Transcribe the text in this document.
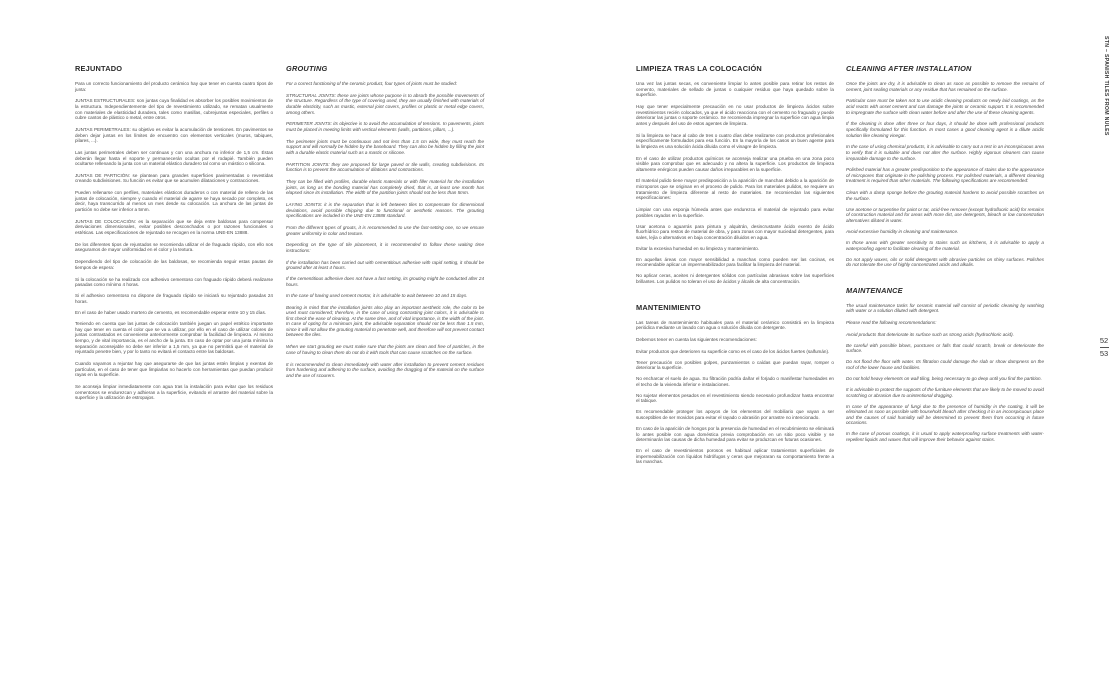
STN – SPANISH TILES FROM NULES
52
53
REJUNTADO

Para un correcto funcionamiento del producto cerámico hay que tener en cuenta cuatro tipos de junta:

JUNTAS ESTRUCTURALES: son juntas cuya finalidad es absorber los posibles movimientos de la estructura. Independientemente del tipo de revestimiento utilizado, se rematan usualmente con materiales de elasticidad duradera, tales como masillas, cubrejuntas especiales, perfiles o cubre cantos de plástico o metal, entre otros.

JUNTAS PERIMETRALES: su objetivo es evitar la acumulación de tensiones. En pavimentos se deben dejar juntas en los límites de encuentro con elementos verticales (muros, tabiques, pilares, ...).

Las juntas perimetrales deben ser continuas y con una anchura no inferior de 1,5 cm. Éstas deberán llegar hasta el soporte y permanecerán ocultas por el rodapié. También pueden ocultarse rellenando la junta con un material elástico duradero tal como un mástico o silicona.

JUNTAS DE PARTICIÓN: se plantean para grandes superficies pavimentadas o revestidas creando subdivisiones. Su función es evitar que se acumulen dilataciones y contracciones.

Pueden rellenarse con perfiles, materiales elásticos duraderos o con material de relleno de las juntas de colocación, siempre y cuando el material de agarre se haya secado por completo, es decir, haya transcurrido al menos un mes desde su colocación. La anchura de las juntas de partición no debe ser inferior a 5mm.

JUNTAS DE COLOCACIÓN: es la separación que se deja entre baldosas para compensar desviaciones dimensionales, evitar posibles desconchados o por razones funcionales o estéticas. Las especificaciones de rejuntado se recogen en la norma UNE-EN 13888.

De los diferentes tipos de rejuntados se recomienda utilizar el de fraguado rápido, con ello nos aseguramos de mayor uniformidad en el color y la textura.

Dependiendo del tipo de colocación de las baldosas, se recomienda seguir estas pautas de tiempos de espera:

Si la colocación se ha realizado con adhesivo cementoso con fraguado rápido deberá realizarse pasadas como mínimo 4 horas.
Si el adhesivo cementoso no dispone de fraguado rápido se iniciará su rejuntado pasadas 24 horas.
En el caso de haber usado mortero de cemento, es recomendable esperar entre 10 y 15 días.

Teniendo en cuenta que las juntas de colocación también juegan un papel estético importante hay que tener en cuenta el color que se va a utilizar, por ello en el caso de utilizar colores de juntas contrastados es conveniente anteriormente comprobar la facilidad de limpieza. Al mismo tiempo, y de vital importancia, es el ancho de la junta. En caso de optar por una junta mínima la separación aconsejable no debe ser inferior a 1,5 mm, ya que no permitirá que el material de rejuntado penetre bien, y por lo tanto no evitará el contacto entre las baldosas.

Cuando vayamos a rejuntar hay que asegurarse de que las juntas estén limpias y exentas de partículas, en el caso de tener que limpiarlas no hacerlo con herramientas que puedan producir rayas en la superficie.

Se aconseja limpiar inmediatamente con agua tras la instalación para evitar que los residuos cementosos se endurezcan y adhieran a la superficie, evitando el arrastre del material sobre la superficie y la utilización de estropajos.

GROUTING

For a correct functioning of the ceramic product, four types of joints must be studied:

STRUCTURAL JOINTS: these are joints whose purpose is to absorb the possible movements of the structure. Regardless of the type of covering used, they are usually finished with materials of durable elasticity, such as mastic, external joint covers, profiles or plastic or metal edge covers, among others.

PERIMETER JOINTS: its objective is to avoid the accumulation of tensions. In pavements, joints must be placed in meeting limits with vertical elements (walls, partitions, pillars, ...).

The perimeter joints must be continuous and not less than 1.5 cm wide, they must reach the support and will normally be hidden by the baseboard. They can also be hidden by filling the joint with a durable elastic material such as a mastic or silicone.

PARTITION JOINTS: they are proposed for large paved or tile walls, creating subdivisions. Its function is to prevent the accumulation of dilations and contractions.

They can be filled with profiles, durable elastic materials or with filler material for the installation joints, as long as the bonding material has completely dried, that is, at least one month has elapsed since its installation. The width of the partition joints should not be less than 5mm.

LAYING JOINTS: it is the separation that is left between tiles to compensate for dimensional deviations, avoid possible chipping due to functional or aesthetic reasons. The grouting specifications are included in the UNE-EN 13888 standard.

From the different types of grouts, it is recommended to use the fast-setting one, so we ensure greater uniformity in color and texture.

Depending on the type of tile placement, it is recommended to follow these waiting time instructions:

If the installation has been carried out with cementitious adhesive with rapid setting, it should be grouted after at least 4 hours.
If the cementitious adhesive does not have a fast setting, its grouting might be conducted after 24 hours.
In the case of having used cement mortar, it is advisable to wait between 10 and 15 days.

Bearing in mind that the installation joints also play an important aesthetic role, the color to be used must considered; therefore, in the case of using contrasting joint colors, it is advisable to first check the ease of cleaning. At the same time, and of vital importance, is the width of the joint. In case of opting for a minimum joint, the advisable separation should not be less than 1.5 mm, since it will not allow the grouting material to penetrate well, and therefore will not prevent contact between the tiles.

When we start grouting we must make sure that the joints are clean and free of particles, in the case of having to clean them do not do it with tools that can cause scratches on the surface.

It is recommended to clean immediately with water after installation to prevent cement residues from hardening and adhering to the surface, avoiding the dragging of the material on the surface and the use of scourers.

LIMPIEZA TRAS LA COLOCACIÓN

Una vez las juntas secas, es conveniente limpiar lo antes posible para retirar los restos de cemento, materiales de sellado de juntas o cualquier residuo que haya quedado sobre la superficie.

Hay que tener especialmente precaución en no usar productos de limpieza ácidos sobre revestimientos recién colocados, ya que el ácido reacciona con el cemento no fraguado y puede deteriorar las juntas o soporte cerámico. Se recomienda impregnar la superficie con agua limpia antes y después del uso de estos agentes de limpieza.

Si la limpieza se hace al cabo de tres o cuatro días debe realizarse con productos profesionales específicamente formulados para esa función. En la mayoría de los casos un buen agente para la limpieza es una solución ácida diluida como el vinagre de limpieza.

En el caso de utilizar productos químicos se aconseja realizar una prueba en una zona poco visible para comprobar que es adecuado y no altera la superficie. Los productos de limpieza altamente enérgicos pueden causar daños irreparables en la superficie.

El material pulido tiene mayor predisposición a la aparición de manchas debido a la aparición de microporos que se originan en el proceso de pulido. Para los materiales pulidos, se requiere un tratamiento de limpieza diferente al resto de materiales. Se recomiendan las siguientes especificaciones:

Limpiar con una esponja húmeda antes que endurezca el material de rejuntado para evitar posibles rayados en la superficie.
Usar acetona o aguarrás para pintura y alquitrán, desincrustante ácido exento de ácido fluorhídrico para restos de material de obra, y para zonas con mayor suciedad detergentes, para sales, lejía o alternativos en baja concentración diluidos en agua.
Evitar la excesiva humedad en su limpieza y mantenimiento.
En aquellas áreas con mayor sensibilidad a manchas como pueden ser las cocinas, es recomendable aplicar un impermeabilizador para facilitar la limpieza del material.
No aplicar ceras, aceites ni detergentes sólidos con partículas abrasivas sobre las superficies brillantes. Los pulidos no toleran el uso de ácidos y álcalis de alta concentración.
MANTENIMIENTO

Las tareas de mantenimiento habituales para el material cerámico consistirá en la limpieza periódica mediante un lavado con agua o solución diluida con detergente.

Debemos tener en cuenta las siguientes recomendaciones:

Evitar productos que deterioren su superficie como es el caso de los ácidos fuertes (salfumán).
Tener precaución con posibles golpes, punzamientos o caídas que puedan rayar, romper o deteriorar la superficie.
No encharcar el suelo de agua. Su filtración podría dañar el forjado o manifestar humedades en el techo de la vivienda inferior e instalaciones.
No sujetar elementos pesados en el revestimiento siendo necesario profundizar hasta encontrar el tabique.
Es recomendable proteger los apoyos de los elementos del mobiliario que vayan a ser susceptibles de ser movidos para evitar el rayado o abrasión por arrastre no intencionado.
En caso de la aparición de hongos por la presencia de humedad en el recubrimiento se eliminará lo antes posible con agua doméstica previa comprobación en un sitio poco visible y se determinarán las causas de dicha humedad para evitar se produzcan en futuras ocasiones.
En el caso de revestimientos porosos es habitual aplicar tratamientos superficiales de impermeabilización con líquidos hidrófugos y ceras que mejoraran su comportamiento frente a las manchas.
CLEANING AFTER INSTALLATION

Once the joints are dry, it is advisable to clean as soon as possible to remove the remains of cement, joint sealing materials or any residue that has remained on the surface.

Particular care must be taken not to use acidic cleaning products on newly laid coatings, as the acid reacts with unset cement and can damage the joints or ceramic support. It is recommended to impregnate the surface with clean water before and after the use of these cleaning agents.

If the cleaning is done after three or four days, it should be done with professional products specifically formulated for this function. In most cases a good cleaning agent is a dilute acidic solution like cleaning vinegar.

In the case of using chemical products, it is advisable to carry out a test in an inconspicuous area to verify that it is suitable and does not alter the surface. Highly vigorous cleaners can cause irreparable damage to the surface.

Polished material has a greater predisposition to the appearance of stains due to the appearance of micropores that originate in the polishing process. For polished materials, a different cleaning treatment is required than other materials. The following specifications are recommended:

Clean with a damp sponge before the grouting material hardens to avoid possible scratches on the surface.
Use acetone or turpentine for paint or tar, acid-free remover (except hydrofluoric acid) for remains of construction material and for areas with more dirt, use detergents, bleach or low concentration alternatives diluted in water.
Avoid excessive humidity in cleaning and maintenance.
In those areas with greater sensitivity to stains such as kitchens, it is advisable to apply a waterproofing agent to facilitate cleaning of the material.
Do not apply waxes, oils or solid detergents with abrasive particles on shiny surfaces. Polishes do not tolerate the use of highly concentrated acids and alkalis.
MAINTENANCE

The usual maintenance tasks for ceramic material will consist of periodic cleaning by washing with water or a solution diluted with detergent.

Please read the following recommendations:

Avoid products that deteriorate its surface such as strong acids (hydrochloric acid).
Be careful with possible blows, punctures or falls that could scratch, break or deteriorate the surface.
Do not flood the floor with water. Its filtration could damage the slab or show dampness on the roof of the lower house and facilities.
Do not hold heavy elements on wall tiling, being necessary to go deep until you find the partition.
It is advisable to protect the supports of the furniture elements that are likely to be moved to avoid scratching or abrasion due to unintentional dragging.
In case of the appearance of fungi due to the presence of humidity in the coating, it will be eliminated as soon as possible with household bleach after checking it in an inconspicuous place and the causes of said humidity will be determined to prevent them from occurring in future occasions.
In the case of porous coatings, it is usual to apply waterproofing surface treatments with water-repellent liquids and waxes that will improve their behavior against stains.
